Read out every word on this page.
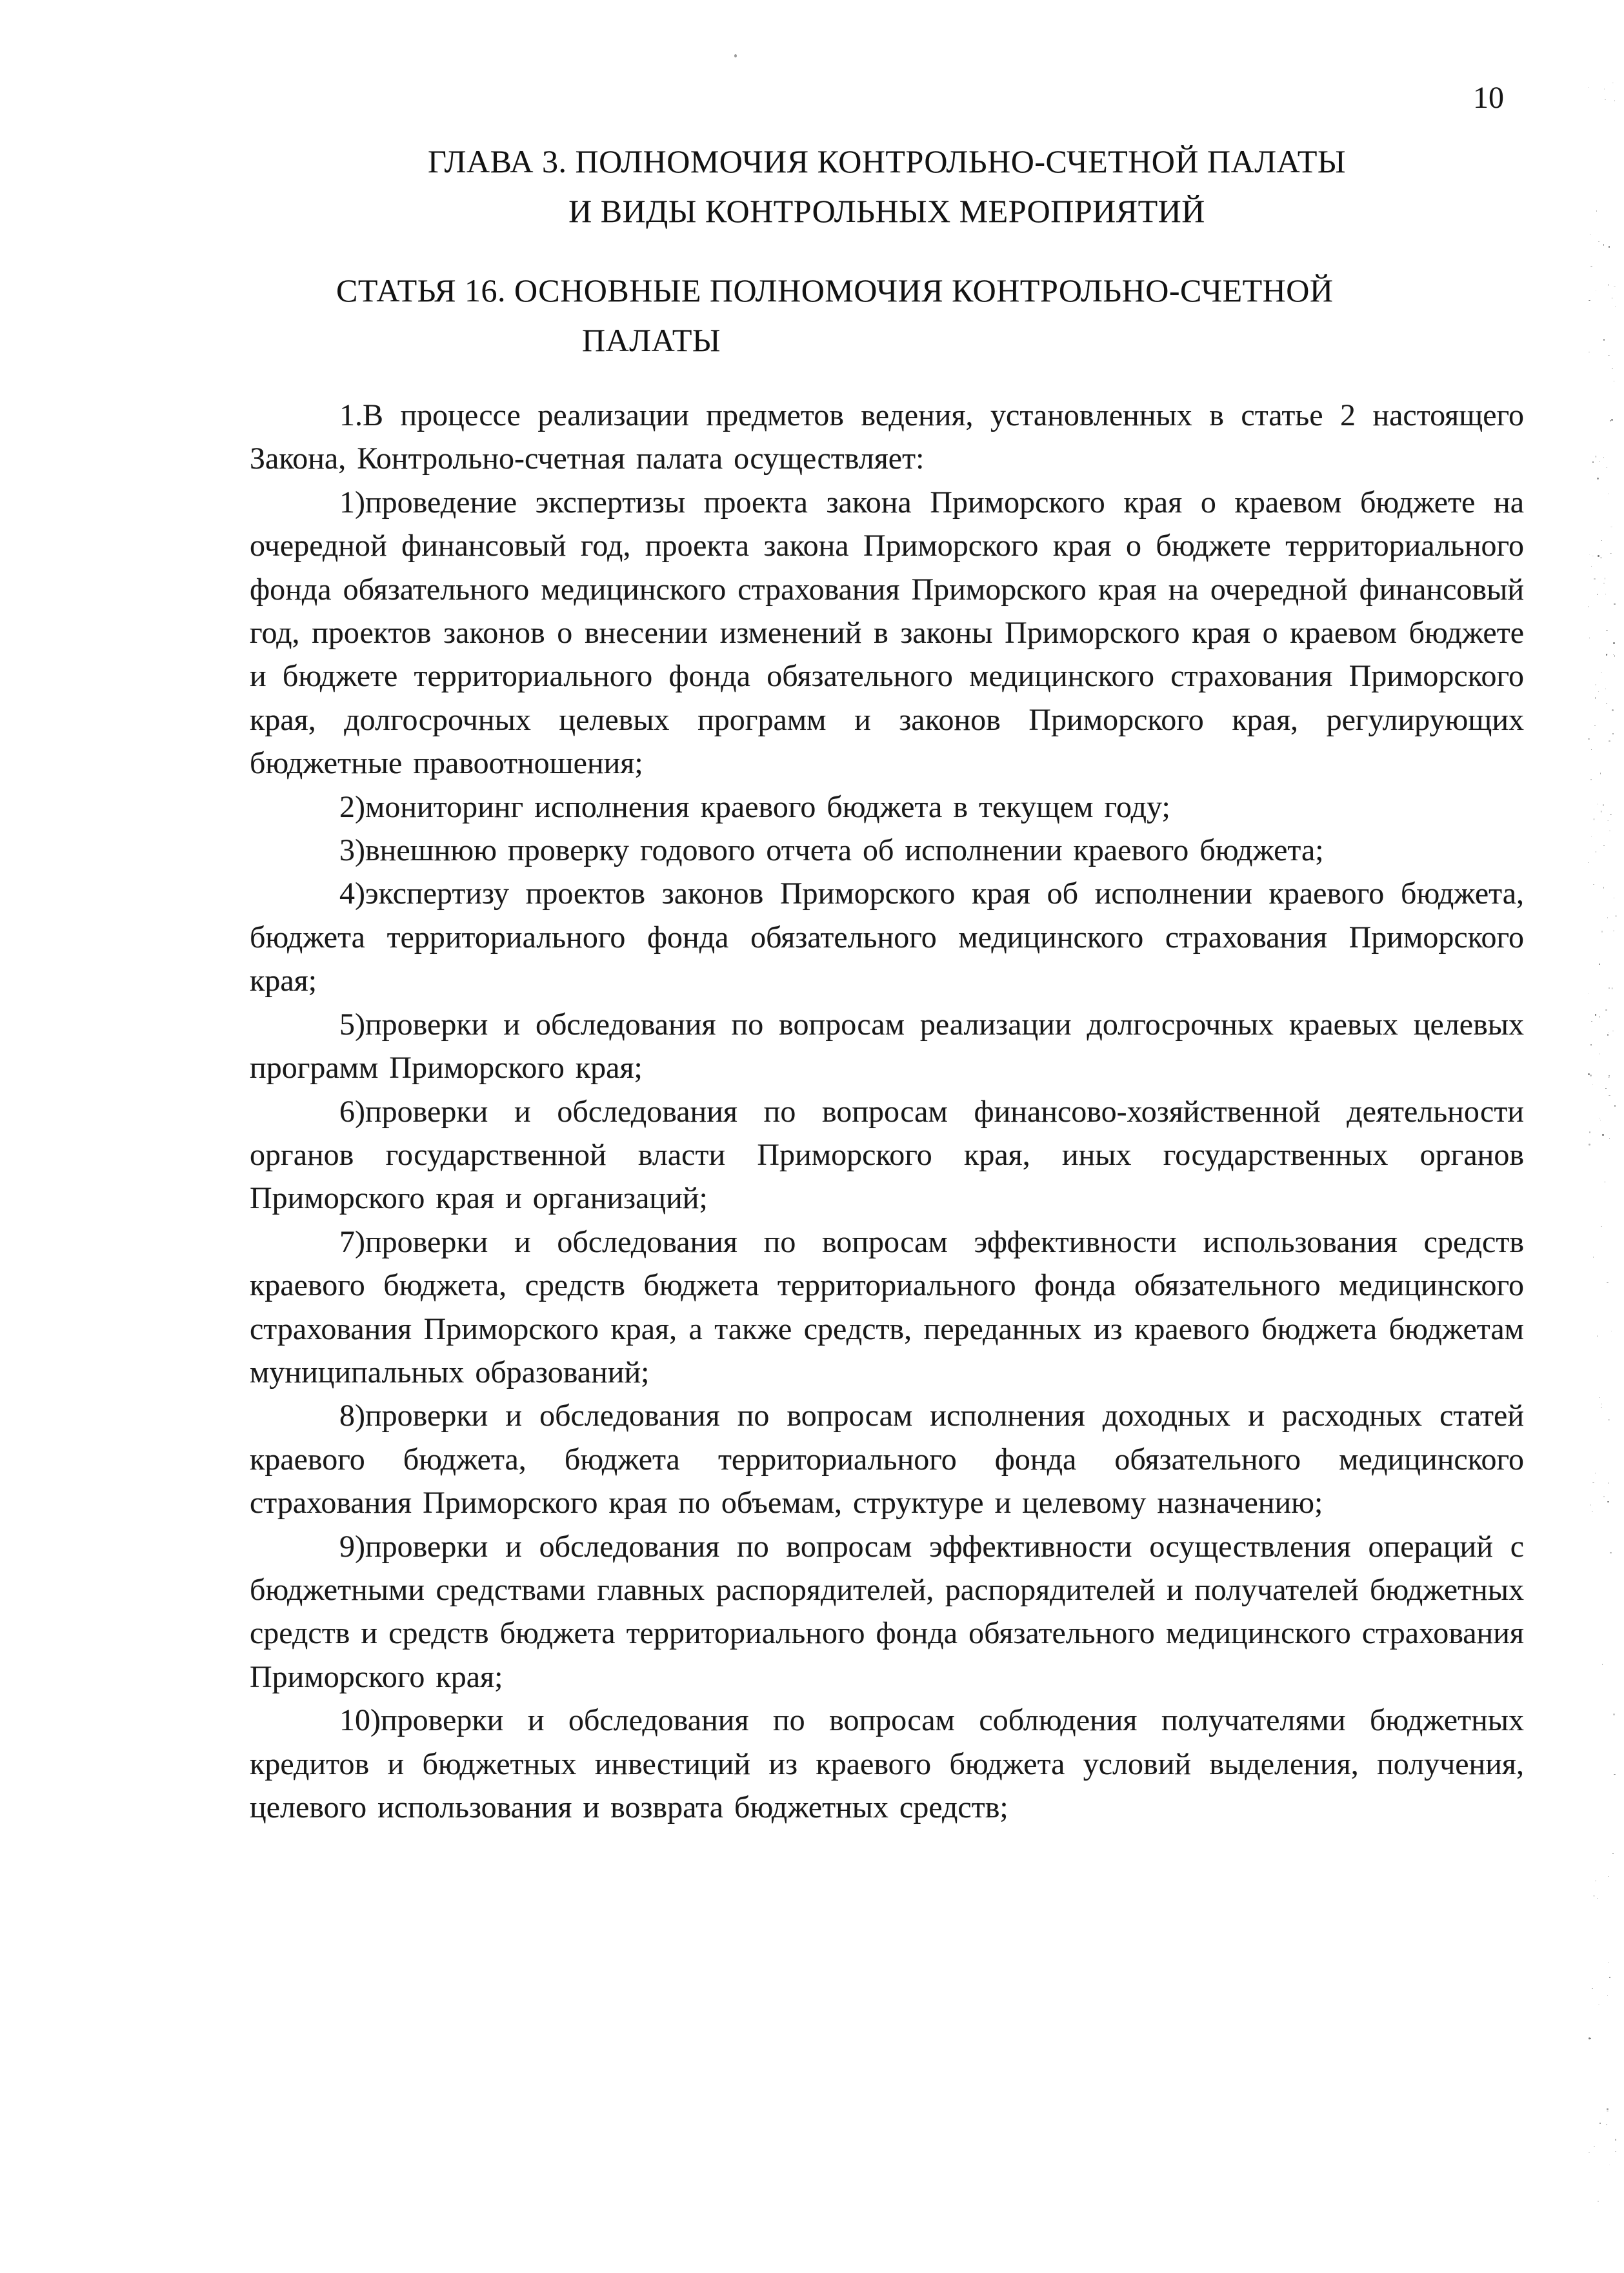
10
ГЛАВА 3. ПОЛНОМОЧИЯ КОНТРОЛЬНО-СЧЕТНОЙ ПАЛАТЫ
И ВИДЫ КОНТРОЛЬНЫХ МЕРОПРИЯТИЙ
СТАТЬЯ 16. ОСНОВНЫЕ ПОЛНОМОЧИЯ КОНТРОЛЬНО-СЧЕТНОЙ
ПАЛАТЫ

1.В процессе реализации предметов ведения, установленных в статье 2 настоящего Закона, Контрольно-счетная палата осуществляет:

1)проведение экспертизы проекта закона Приморского края о краевом бюджете на очередной финансовый год, проекта закона Приморского края о бюджете территориального фонда обязательного медицинского страхования Приморского края на очередной финансовый год, проектов законов о внесении изменений в законы Приморского края о краевом бюджете и бюджете территориального фонда обязательного медицинского страхования Приморского края, долгосрочных целевых программ и законов Приморского края, регулирующих бюджетные правоотношения;

2)мониторинг исполнения краевого бюджета в текущем году;

3)внешнюю проверку годового отчета об исполнении краевого бюджета;

4)экспертизу проектов законов Приморского края об исполнении краевого бюджета, бюджета территориального фонда обязательного медицинского страхования Приморского края;

5)проверки и обследования по вопросам реализации долгосрочных краевых целевых программ Приморского края;

6)проверки и обследования по вопросам финансово-хозяйственной деятельности органов государственной власти Приморского края, иных государственных органов Приморского края и организаций;

7)проверки и обследования по вопросам эффективности использования средств краевого бюджета, средств бюджета территориального фонда обязательного медицинского страхования Приморского края, а также средств, переданных из краевого бюджета бюджетам муниципальных образований;

8)проверки и обследования по вопросам исполнения доходных и расходных статей краевого бюджета, бюджета территориального фонда обязательного медицинского страхования Приморского края по объемам, структуре и целевому назначению;

9)проверки и обследования по вопросам эффективности осуществления операций с бюджетными средствами главных распорядителей, распорядителей и получателей бюджетных средств и средств бюджета территориального фонда обязательного медицинского страхования Приморского края;

10)проверки и обследования по вопросам соблюдения получателями бюджетных кредитов и бюджетных инвестиций из краевого бюджета условий выделения, получения, целевого использования и возврата бюджетных средств;
